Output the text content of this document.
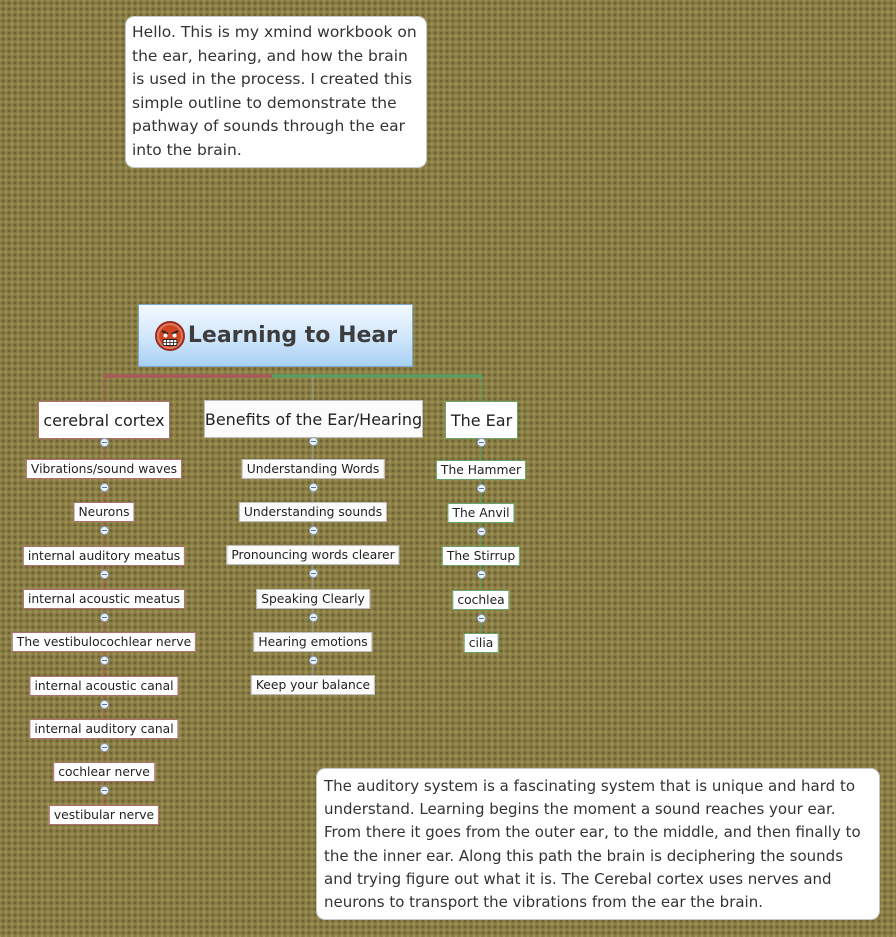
Hello. This is my xmind workbook on the ear, hearing, and how the brain is used in the process. I created this simple outline to demonstrate the pathway of sounds through the ear into the brain.
Learning to Hear
cerebral cortex	Benefits of the Ear/Hearing	The Ear
Vibrations/sound waves
Neurons
internal auditory meatus
internal acoustic meatus
The vestibulocochlear nerve
internal acoustic canal
internal auditory canal
cochlear nerve
vestibular nerve
Understanding Words
Understanding sounds
Pronouncing words clearer
Speaking Clearly
Hearing emotions
Keep your balance
The Hammer
The Anvil
The Stirrup
cochlea
cilia
The auditory system is a fascinating system that is unique and hard to understand. Learning begins the moment a sound reaches your ear. From there it goes from the outer ear, to the middle, and then finally to the the inner ear. Along this path the brain is deciphering the sounds and trying figure out what it is. The Cerebal cortex uses nerves and neurons to transport the vibrations from the ear the brain.
